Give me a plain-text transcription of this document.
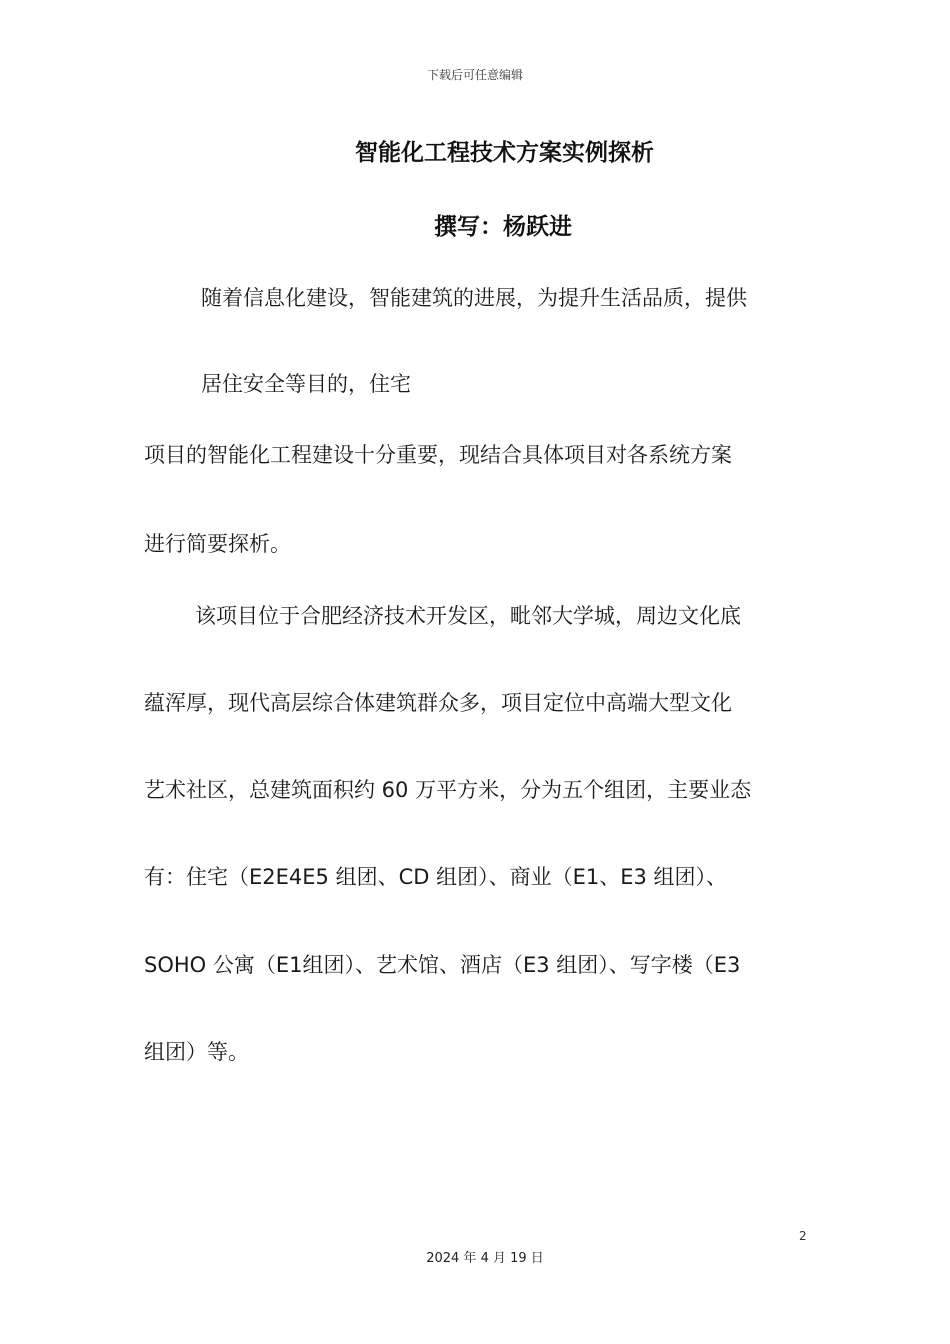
下载后可任意编辑
智能化工程技术方案实例探析
撰写：杨跃进
随着信息化建设，智能建筑的进展，为提升生活品质，提供
居住安全等目的，住宅
项目的智能化工程建设十分重要，现结合具体项目对各系统方案
进行简要探析。
该项目位于合肥经济技术开发区，毗邻大学城，周边文化底
蕴浑厚，现代高层综合体建筑群众多，项目定位中高端大型文化
艺术社区，总建筑面积约 60 万平方米，分为五个组团，主要业态
有：住宅（E2E4E5 组团、CD 组团）、商业（E1、E3 组团）、
SOHO 公寓（E1组团）、艺术馆、酒店（E3 组团）、写字楼（E3
组团）等。
2
2024 年 4 月 19 日
